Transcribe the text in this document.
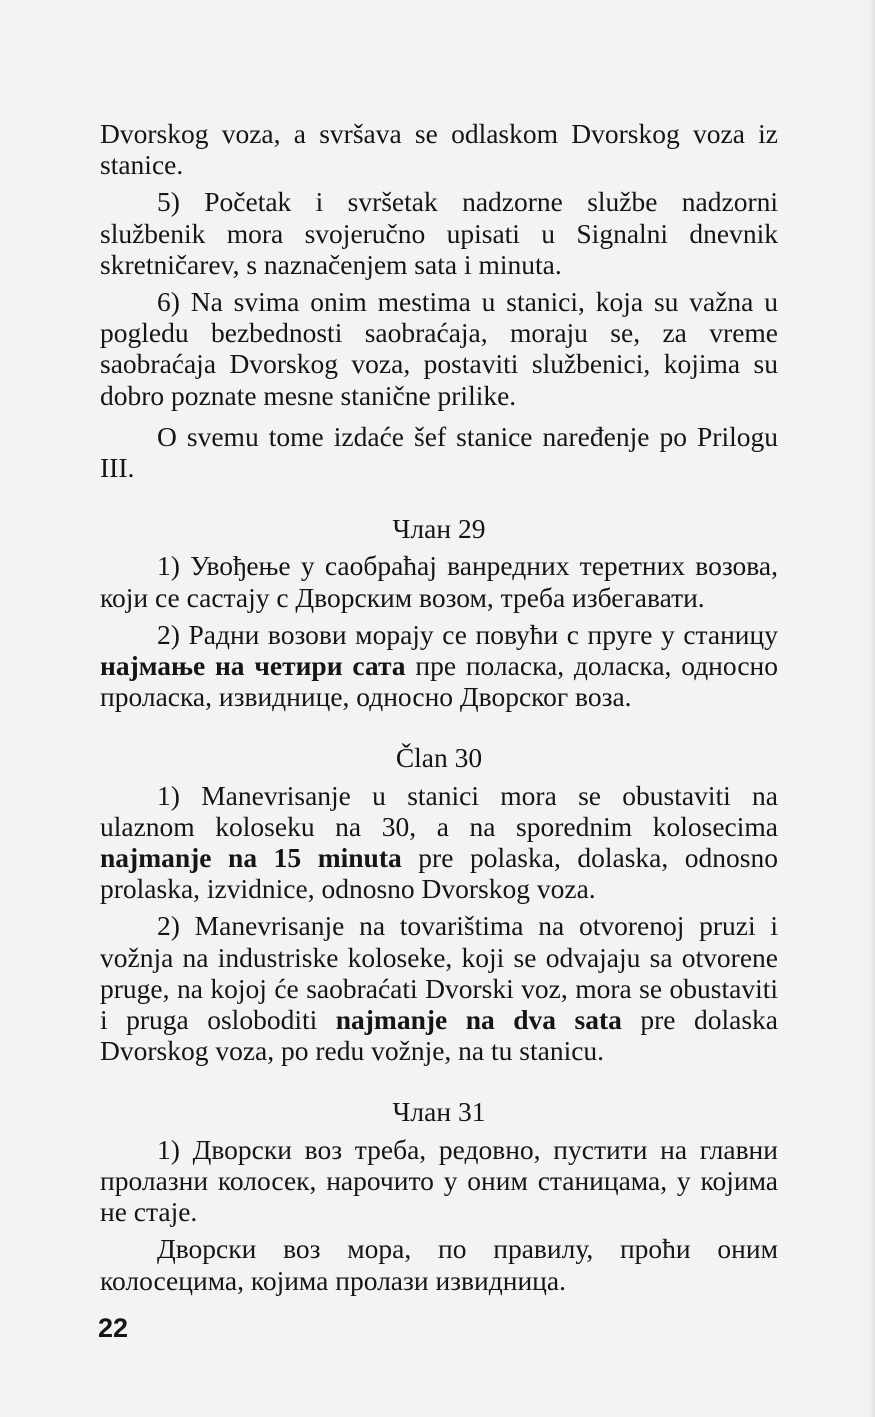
Dvorskog voza, a svršava se odlaskom Dvorskog voza iz stanice.

5) Početak i svršetak nadzorne službe nadzorni službenik mora svojeručno upisati u Signalni dnevnik skretničarev, s naznačenjem sata i minuta.

6) Na svima onim mestima u stanici, koja su važna u pogledu bezbednosti saobraćaja, moraju se, za vreme saobraćaja Dvorskog voza, postaviti službenici, kojima su dobro poznate mesne stanične prilike.

O svemu tome izdaće šef stanice naređenje po Prilogu III.

Члан 29

1) Увођење у саобраћај ванредних теретних возова, који се састају с Дворским возом, треба избегавати.

2) Радни возови морају се повући с пруге у станицу најмање на четири сата пре поласка, доласка, односно проласка, извиднице, односно Дворског воза.

Član 30

1) Manevrisanje u stanici mora se obustaviti na ulaznom koloseku na 30, a na sporednim kolosecima najmanje na 15 minuta pre polaska, dolaska, odnosno prolaska, izvidnice, odnosno Dvorskog voza.

2) Manevrisanje na tovarištima na otvorenoj pruzi i vožnja na industriske koloseke, koji se odvajaju sa otvorene pruge, na kojoj će saobraćati Dvorski voz, mora se obustaviti i pruga osloboditi najmanje na dva sata pre dolaska Dvorskog voza, po redu vožnje, na tu stanicu.

Члан 31

1) Дворски воз треба, редовно, пустити на главни пролазни колосек, нарочито у оним станицама, у којима не стаје.

Дворски воз мора, по правилу, проћи оним колосецима, којима пролази извидница.

22
